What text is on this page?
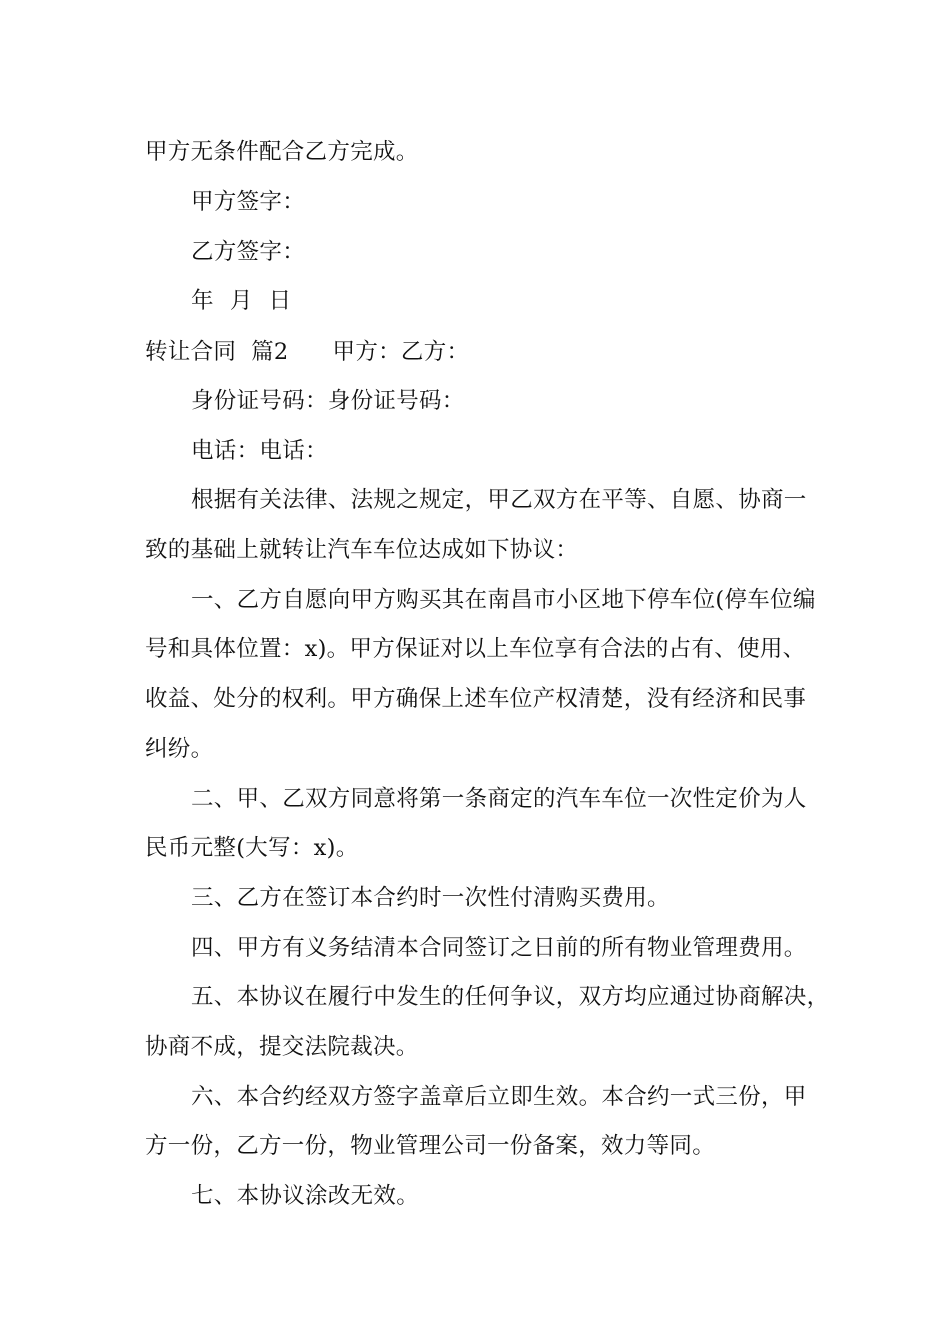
甲方无条件配合乙方完成。
甲方签字：
乙方签字：
年 月 日
转让合同  篇2 甲方：乙方：
身份证号码：身份证号码：
电话：电话：
根据有关法律、法规之规定，甲乙双方在平等、自愿、协商一
致的基础上就转让汽车车位达成如下协议：
一、乙方自愿向甲方购买其在南昌市小区地下停车位(停车位编
号和具体位置：x)。甲方保证对以上车位享有合法的占有、使用、
收益、处分的权利。甲方确保上述车位产权清楚，没有经济和民事
纠纷。
二、甲、乙双方同意将第一条商定的汽车车位一次性定价为人
民币元整(大写：x)。
三、乙方在签订本合约时一次性付清购买费用。
四、甲方有义务结清本合同签订之日前的所有物业管理费用。
五、本协议在履行中发生的任何争议，双方均应通过协商解决，
协商不成，提交法院裁决。
六、本合约经双方签字盖章后立即生效。本合约一式三份，甲
方一份，乙方一份，物业管理公司一份备案，效力等同。
七、本协议涂改无效。
